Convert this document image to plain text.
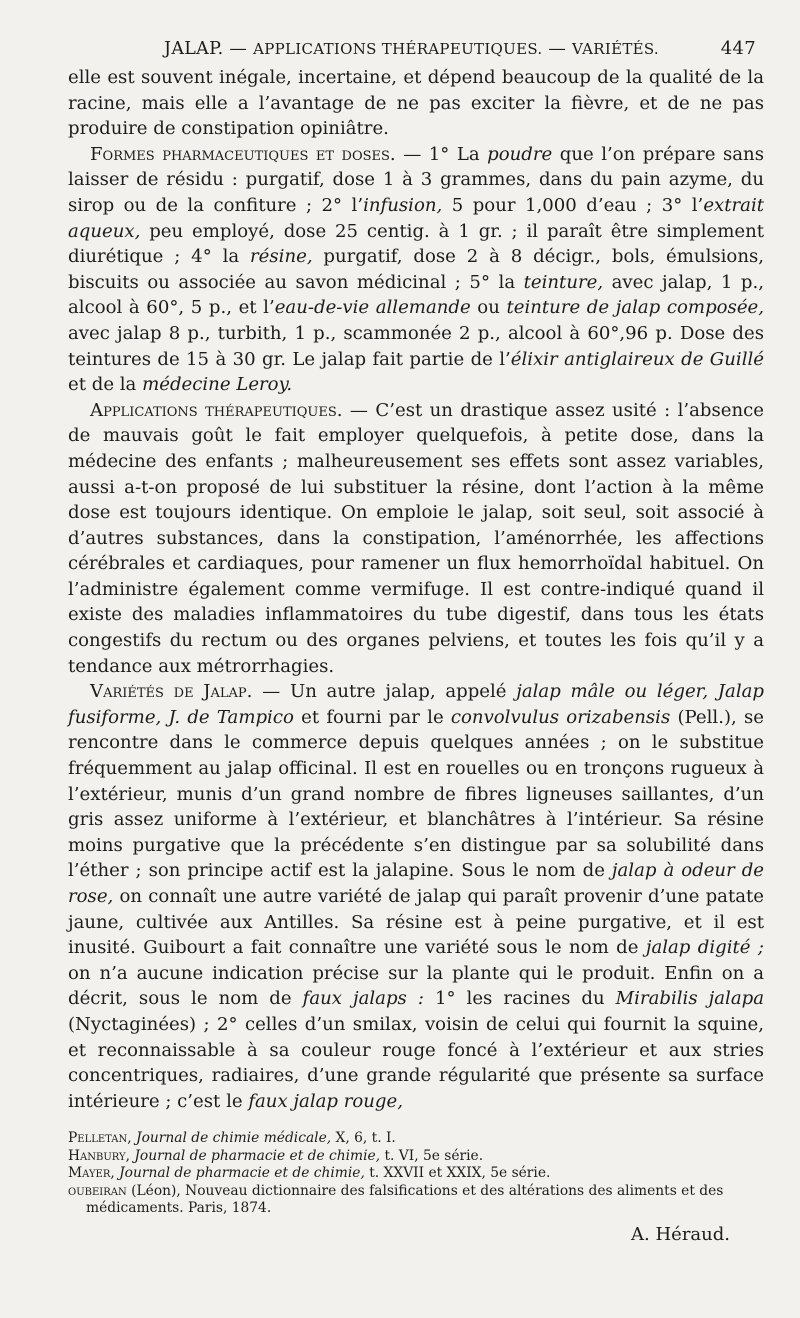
JALAP. — APPLICATIONS THÉRAPEUTIQUES. — VARIÉTÉS.	447

elle est souvent inégale, incertaine, et dépend beaucoup de la qualité de la racine, mais elle a l’avantage de ne pas exciter la fièvre, et de ne pas produire de constipation opiniâtre.

Formes pharmaceutiques et doses. — 1° La poudre que l’on prépare sans laisser de résidu : purgatif, dose 1 à 3 grammes, dans du pain azyme, du sirop ou de la confiture ; 2° l’infusion, 5 pour 1,000 d’eau ; 3° l’extrait aqueux, peu employé, dose 25 centig. à 1 gr. ; il paraît être simplement diurétique ; 4° la résine, purgatif, dose 2 à 8 décigr., bols, émulsions, biscuits ou associée au savon médicinal ; 5° la teinture, avec jalap, 1 p., alcool à 60°, 5 p., et l’eau-de-vie allemande ou teinture de jalap composée, avec jalap 8 p., turbith, 1 p., scammonée 2 p., alcool à 60°,96 p. Dose des teintures de 15 à 30 gr. Le jalap fait partie de l’élixir antiglaireux de Guillé et de la médecine Leroy.

Applications thérapeutiques. — C’est un drastique assez usité : l’absence de mauvais goût le fait employer quelquefois, à petite dose, dans la médecine des enfants ; malheureusement ses effets sont assez variables, aussi a-t-on proposé de lui substituer la résine, dont l’action à la même dose est toujours identique. On emploie le jalap, soit seul, soit associé à d’autres substances, dans la constipation, l’aménorrhée, les affections cérébrales et cardiaques, pour ramener un flux hemorrhoïdal habituel. On l’administre également comme vermifuge. Il est contre-indiqué quand il existe des maladies inflammatoires du tube digestif, dans tous les états congestifs du rectum ou des organes pelviens, et toutes les fois qu’il y a tendance aux métrorrhagies.

Variétés de Jalap. — Un autre jalap, appelé jalap mâle ou léger, Jalap fusiforme, J. de Tampico et fourni par le convolvulus orizabensis (Pell.), se rencontre dans le commerce depuis quelques années ; on le substitue fréquemment au jalap officinal. Il est en rouelles ou en tronçons rugueux à l’extérieur, munis d’un grand nombre de fibres ligneuses saillantes, d’un gris assez uniforme à l’extérieur, et blanchâtres à l’intérieur. Sa résine moins purgative que la précédente s’en distingue par sa solubilité dans l’éther ; son principe actif est la jalapine. Sous le nom de jalap à odeur de rose, on connaît une autre variété de jalap qui paraît provenir d’une patate jaune, cultivée aux Antilles. Sa résine est à peine purgative, et il est inusité. Guibourt a fait connaître une variété sous le nom de jalap digité ; on n’a aucune indication précise sur la plante qui le produit. Enfin on a décrit, sous le nom de faux jalaps : 1° les racines du Mirabilis jalapa (Nyctaginées) ; 2° celles d’un smilax, voisin de celui qui fournit la squine, et reconnaissable à sa couleur rouge foncé à l’extérieur et aux stries concentriques, radiaires, d’une grande régularité que présente sa surface intérieure ; c’est le faux jalap rouge,

Pelletan, Journal de chimie médicale, X, 6, t. I.
Hanbury, Journal de pharmacie et de chimie, t. VI, 5e série.
Mayer, Journal de pharmacie et de chimie, t. XXVII et XXIX, 5e série.
oubeiran (Léon), Nouveau dictionnaire des falsifications et des altérations des aliments et des
médicaments. Paris, 1874.
A. Héraud.
